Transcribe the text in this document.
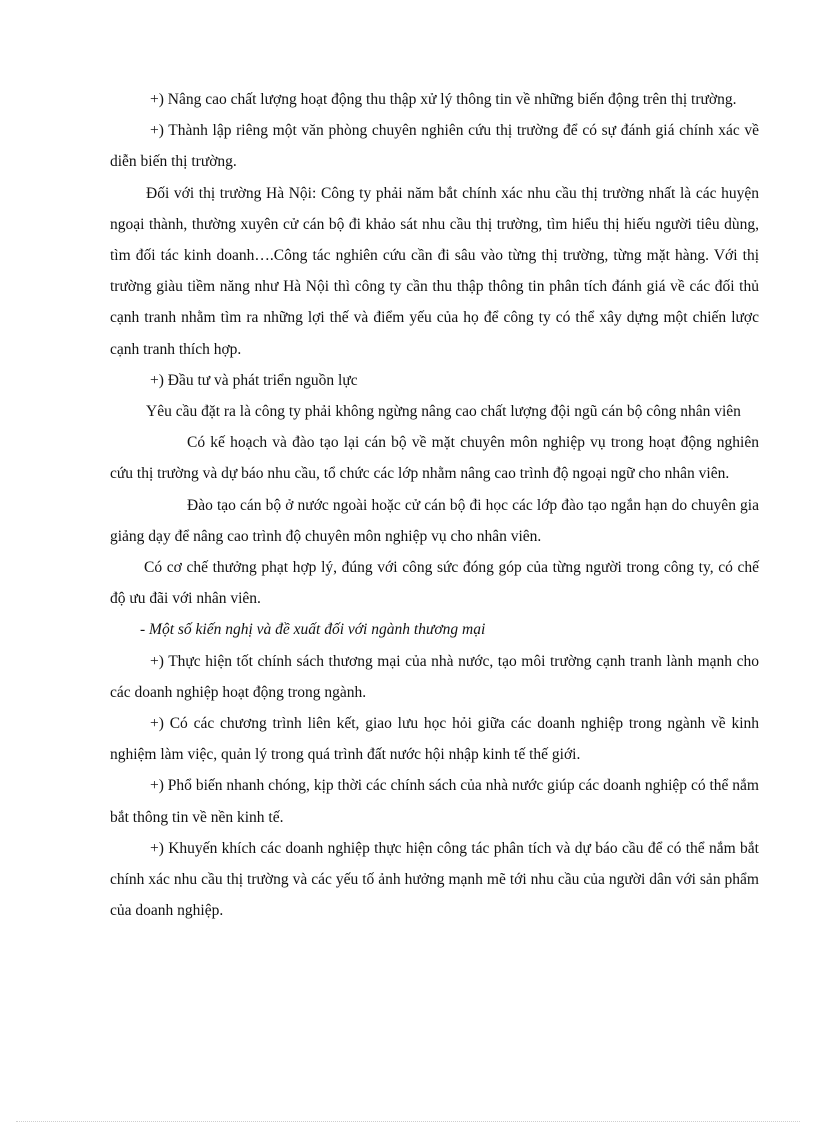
+) Nâng cao chất lượng hoạt động thu thập xử lý thông tin về những biến động trên thị trường.

+) Thành lập riêng một văn phòng chuyên nghiên cứu thị trường để có sự đánh giá chính xác về diễn biến thị trường.

Đối với thị trường Hà Nội: Công ty phải năm bắt chính xác nhu cầu thị trường nhất là các huyện ngoại thành, thường xuyên cử cán bộ đi khảo sát nhu cầu thị trường, tìm hiểu thị hiếu người tiêu dùng, tìm đối tác kinh doanh….Công tác nghiên cứu cần đi sâu vào từng thị trường, từng mặt hàng. Với thị trường giàu tiềm năng như Hà Nội thì công ty cần thu thập thông tin phân tích đánh giá về các đối thủ cạnh tranh nhằm tìm ra những lợi thế và điểm yếu của họ để công ty có thể xây dựng một chiến lược cạnh tranh thích hợp.

+) Đầu tư và phát triển nguồn lực

Yêu cầu đặt ra là công ty phải không ngừng nâng cao chất lượng đội ngũ cán bộ công nhân viên

Có kế hoạch và đào tạo lại cán bộ về mặt chuyên môn nghiệp vụ trong hoạt động nghiên cứu thị trường và dự báo nhu cầu, tổ chức các lớp nhằm nâng cao trình độ ngoại ngữ cho nhân viên.

Đào tạo cán bộ ở nước ngoài hoặc cử cán bộ đi học các lớp đào tạo ngắn hạn do chuyên gia giảng dạy để nâng cao trình độ chuyên môn nghiệp vụ cho nhân viên.

Có cơ chế thưởng phạt hợp lý, đúng với công sức đóng góp của từng người trong công ty, có chế độ ưu đãi với nhân viên.

- Một số kiến nghị và đề xuất đối với ngành thương mại

+) Thực hiện tốt chính sách thương mại của nhà nước, tạo môi trường cạnh tranh lành mạnh cho các doanh nghiệp hoạt động trong ngành.

+) Có các chương trình liên kết, giao lưu học hỏi giữa các doanh nghiệp trong ngành về kinh nghiệm làm việc, quản lý trong quá trình đất nước hội nhập kinh tế thế giới.

+) Phổ biến nhanh chóng, kịp thời các chính sách của nhà nước giúp các doanh nghiệp có thể nắm bắt thông tin về nền kinh tế.

+) Khuyến khích các doanh nghiệp thực hiện công tác phân tích và dự báo cầu để có thể nắm bắt chính xác nhu cầu thị trường và các yếu tố ảnh hưởng mạnh mẽ tới nhu cầu của người dân với sản phẩm của doanh nghiệp.
